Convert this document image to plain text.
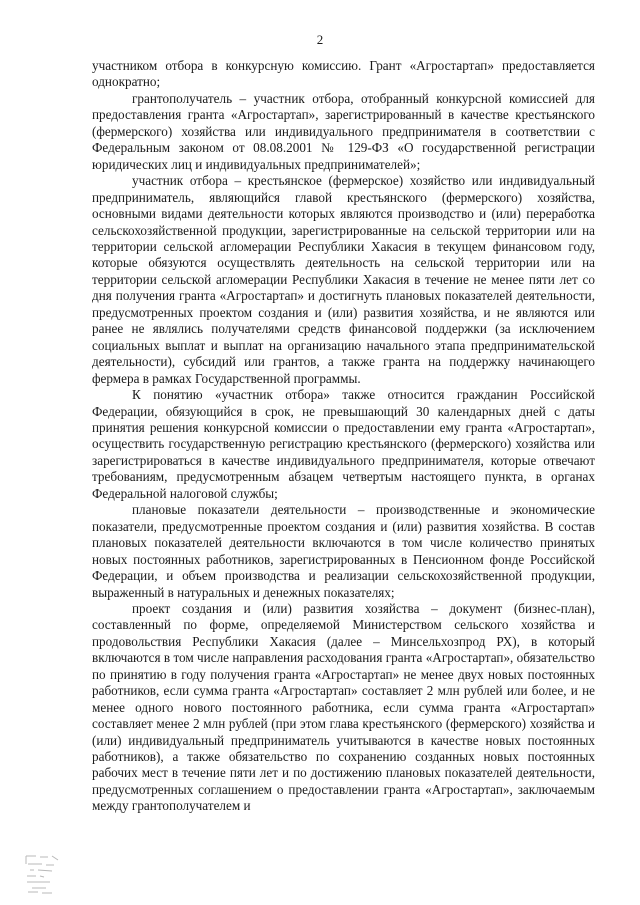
2

участником отбора в конкурсную комиссию. Грант «Агростартап» предоставляется однократно;

грантополучатель – участник отбора, отобранный конкурсной комиссией для предоставления гранта «Агростартап», зарегистрированный в качестве крестьянского (фермерского) хозяйства или индивидуального предпринимателя в соответствии с Федеральным законом от 08.08.2001 № 129-ФЗ «О государственной регистрации юридических лиц и индивидуальных предпринимателей»;

участник отбора – крестьянское (фермерское) хозяйство или индивидуальный предприниматель, являющийся главой крестьянского (фермерского) хозяйства, основными видами деятельности которых являются производство и (или) переработка сельскохозяйственной продукции, зарегистрированные на сельской территории или на территории сельской агломерации Республики Хакасия в текущем финансовом году, которые обязуются осуществлять деятельность на сельской территории или на территории сельской агломерации Республики Хакасия в течение не менее пяти лет со дня получения гранта «Агростартап» и достигнуть плановых показателей деятельности, предусмотренных проектом создания и (или) развития хозяйства, и не являются или ранее не являлись получателями средств финансовой поддержки (за исключением социальных выплат и выплат на организацию начального этапа предпринимательской деятельности), субсидий или грантов, а также гранта на поддержку начинающего фермера в рамках Государственной программы.

К понятию «участник отбора» также относится гражданин Российской Федерации, обязующийся в срок, не превышающий 30 календарных дней с даты принятия решения конкурсной комиссии о предоставлении ему гранта «Агростартап», осуществить государственную регистрацию крестьянского (фермерского) хозяйства или зарегистрироваться в качестве индивидуального предпринимателя, которые отвечают требованиям, предусмотренным абзацем четвертым настоящего пункта, в органах Федеральной налоговой службы;

плановые показатели деятельности – производственные и экономические показатели, предусмотренные проектом создания и (или) развития хозяйства. В состав плановых показателей деятельности включаются в том числе количество принятых новых постоянных работников, зарегистрированных в Пенсионном фонде Российской Федерации, и объем производства и реализации сельскохозяйственной продукции, выраженный в натуральных и денежных показателях;

проект создания и (или) развития хозяйства – документ (бизнес-план), составленный по форме, определяемой Министерством сельского хозяйства и продовольствия Республики Хакасия (далее – Минсельхозпрод РХ), в который включаются в том числе направления расходования гранта «Агростартап», обязательство по принятию в году получения гранта «Агростартап» не менее двух новых постоянных работников, если сумма гранта «Агростартап» составляет 2 млн рублей или более, и не менее одного нового постоянного работника, если сумма гранта «Агростартап» составляет менее 2 млн рублей (при этом глава крестьянского (фермерского) хозяйства и (или) индивидуальный предприниматель учитываются в качестве новых постоянных работников), а также обязательство по сохранению созданных новых постоянных рабочих мест в течение пяти лет и по достижению плановых показателей деятельности, предусмотренных соглашением о предоставлении гранта «Агростартап», заключаемым между грантополучателем и
